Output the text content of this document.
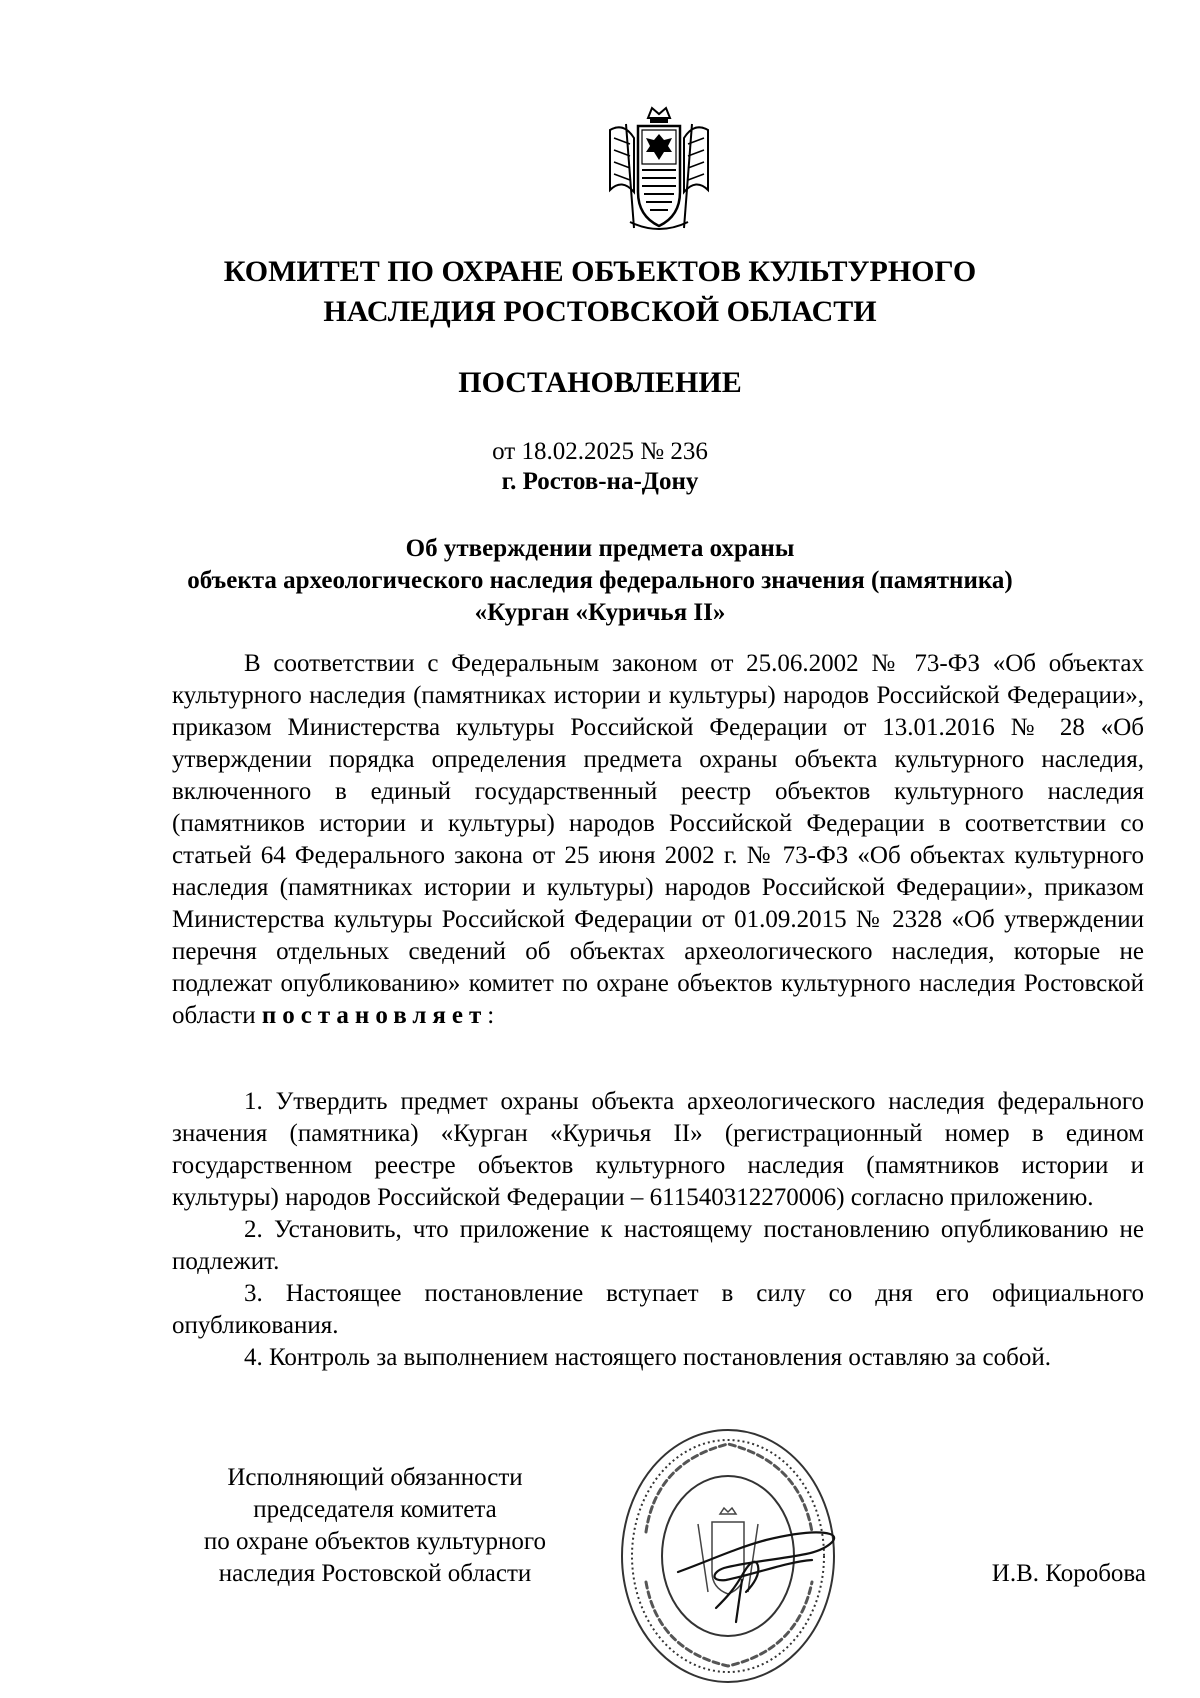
КОМИТЕТ ПО ОХРАНЕ ОБЪЕКТОВ КУЛЬТУРНОГО
НАСЛЕДИЯ РОСТОВСКОЙ ОБЛАСТИ
ПОСТАНОВЛЕНИЕ
от 18.02.2025 № 236
г. Ростов-на-Дону
Об утверждении предмета охраны
объекта археологического наследия федерального значения (памятника)
«Курган «Куричья II»

В соответствии с Федеральным законом от 25.06.2002 № 73-ФЗ «Об объектах культурного наследия (памятниках истории и культуры) народов Российской Федерации», приказом Министерства культуры Российской Федерации от 13.01.2016 № 28 «Об утверждении порядка определения предмета охраны объекта культурного наследия, включенного в единый государственный реестр объектов культурного наследия (памятников истории и культуры) народов Российской Федерации в соответствии со статьей 64 Федерального закона от 25 июня 2002 г. № 73-ФЗ «Об объектах культурного наследия (памятниках истории и культуры) народов Российской Федерации», приказом Министерства культуры Российской Федерации от 01.09.2015 № 2328 «Об утверждении перечня отдельных сведений об объектах археологического наследия, которые не подлежат опубликованию» комитет по охране объектов культурного наследия Ростовской области постановляет:

1. Утвердить предмет охраны объекта археологического наследия федерального значения (памятника) «Курган «Куричья II» (регистрационный номер в едином государственном реестре объектов культурного наследия (памятников истории и культуры) народов Российской Федерации – 611540312270006) согласно приложению.

2. Установить, что приложение к настоящему постановлению опубликованию не подлежит.

3. Настоящее постановление вступает в силу со дня его официального опубликования.

4. Контроль за выполнением настоящего постановления оставляю за собой.

Исполняющий обязанности
председателя комитета
по охране объектов культурного
наследия Ростовской области	И.В. Коробова
